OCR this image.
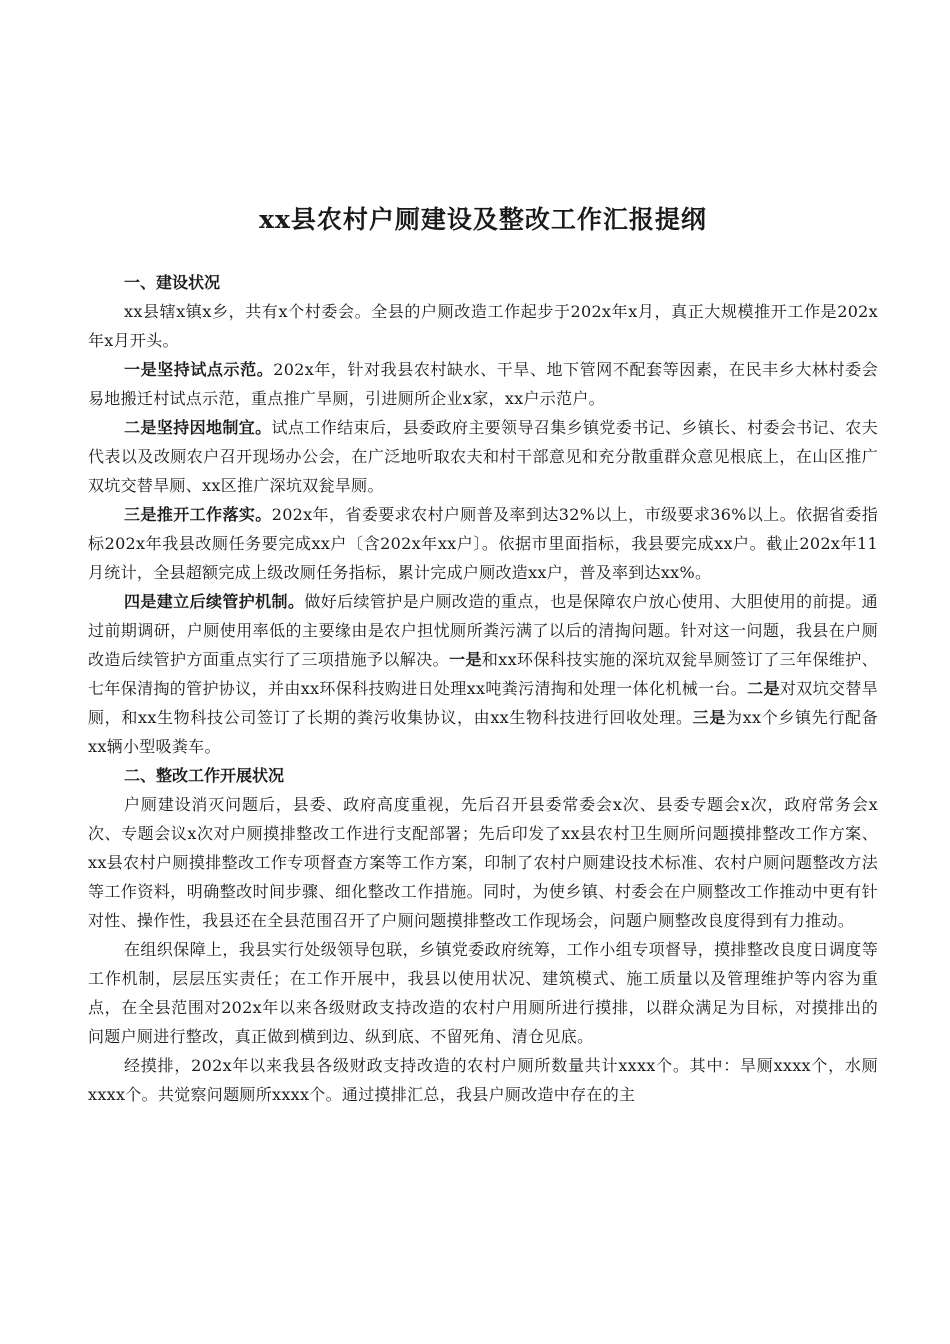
xx县农村户厕建设及整改工作汇报提纲

一、建设状况

xx县辖x镇x乡，共有x个村委会。全县的户厕改造工作起步于202x年x月，真正大规模推开工作是202x年x月开头。

一是坚持试点示范。202x年，针对我县农村缺水、干旱、地下管网不配套等因素，在民丰乡大林村委会易地搬迁村试点示范，重点推广旱厕，引进厕所企业x家，xx户示范户。

二是坚持因地制宜。试点工作结束后，县委政府主要领导召集乡镇党委书记、乡镇长、村委会书记、农夫代表以及改厕农户召开现场办公会，在广泛地听取农夫和村干部意见和充分散重群众意见根底上，在山区推广双坑交替旱厕、xx区推广深坑双瓮旱厕。

三是推开工作落实。202x年，省委要求农村户厕普及率到达32%以上，市级要求36%以上。依据省委指标202x年我县改厕任务要完成xx户〔含202x年xx户〕。依据市里面指标，我县要完成xx户。截止202x年11月统计，全县超额完成上级改厕任务指标，累计完成户厕改造xx户，普及率到达xx%。

四是建立后续管护机制。做好后续管护是户厕改造的重点，也是保障农户放心使用、大胆使用的前提。通过前期调研，户厕使用率低的主要缘由是农户担忧厕所粪污满了以后的清掏问题。针对这一问题，我县在户厕改造后续管护方面重点实行了三项措施予以解决。一是和xx环保科技实施的深坑双瓮旱厕签订了三年保维护、七年保清掏的管护协议，并由xx环保科技购进日处理xx吨粪污清掏和处理一体化机械一台。二是对双坑交替旱厕，和xx生物科技公司签订了长期的粪污收集协议，由xx生物科技进行回收处理。三是为xx个乡镇先行配备xx辆小型吸粪车。

二、整改工作开展状况

户厕建设消灭问题后，县委、政府高度重视，先后召开县委常委会x次、县委专题会x次，政府常务会x次、专题会议x次对户厕摸排整改工作进行支配部署；先后印发了xx县农村卫生厕所问题摸排整改工作方案、xx县农村户厕摸排整改工作专项督查方案等工作方案，印制了农村户厕建设技术标准、农村户厕问题整改方法等工作资料，明确整改时间步骤、细化整改工作措施。同时，为使乡镇、村委会在户厕整改工作推动中更有针对性、操作性，我县还在全县范围召开了户厕问题摸排整改工作现场会，问题户厕整改良度得到有力推动。

在组织保障上，我县实行处级领导包联，乡镇党委政府统筹，工作小组专项督导，摸排整改良度日调度等工作机制，层层压实责任；在工作开展中，我县以使用状况、建筑模式、施工质量以及管理维护等内容为重点，在全县范围对202x年以来各级财政支持改造的农村户用厕所进行摸排，以群众满足为目标，对摸排出的问题户厕进行整改，真正做到横到边、纵到底、不留死角、清仓见底。

经摸排，202x年以来我县各级财政支持改造的农村户厕所数量共计xxxx个。其中：旱厕xxxx个，水厕xxxx个。共觉察问题厕所xxxx个。通过摸排汇总，我县户厕改造中存在的主
